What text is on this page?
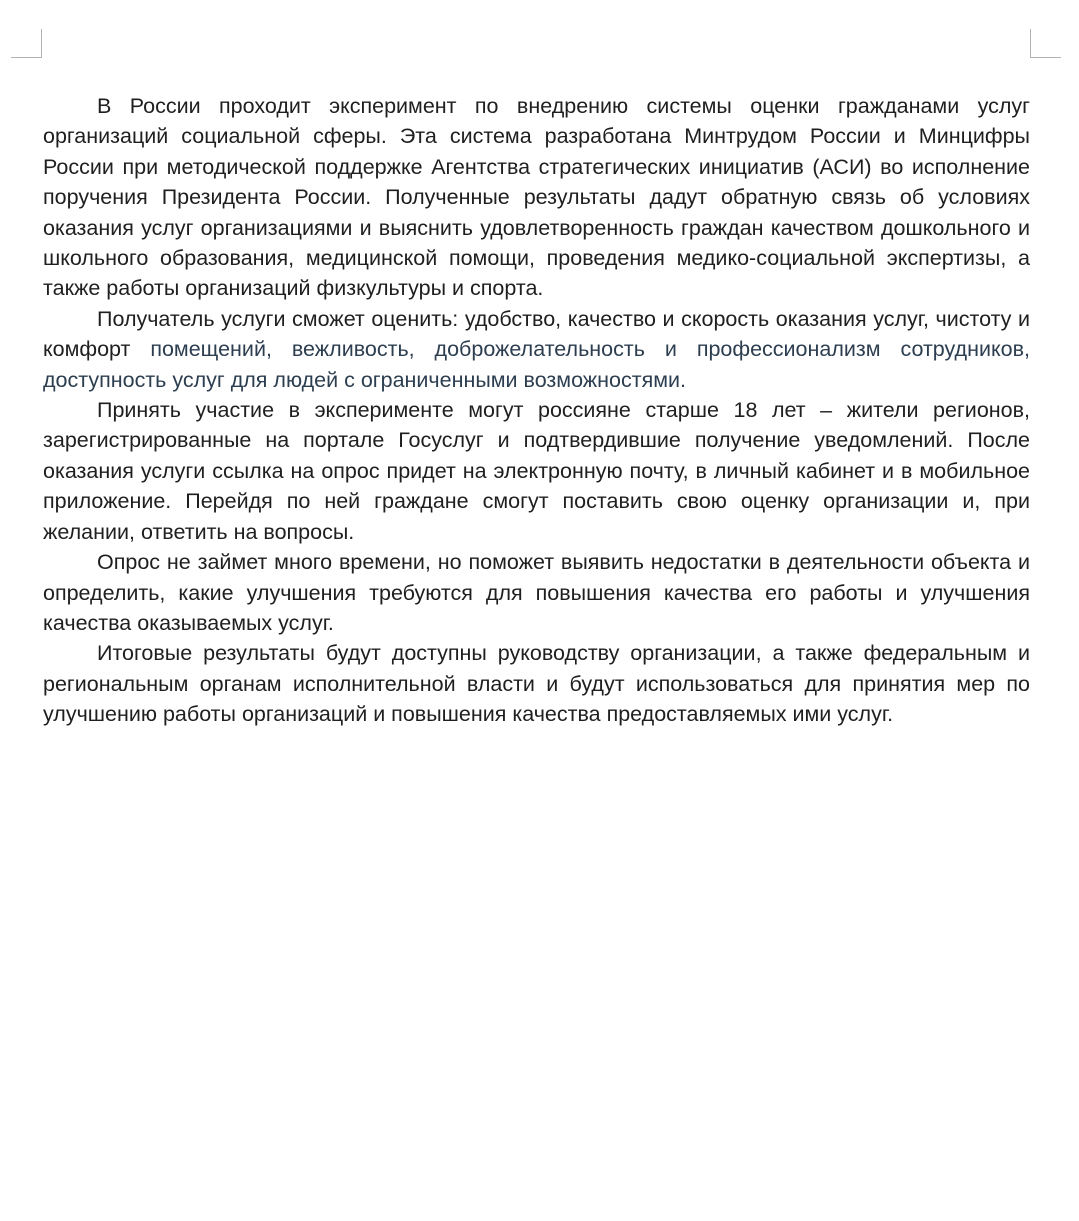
В России проходит эксперимент по внедрению системы оценки гражданами услуг организаций социальной сферы. Эта система разработана Минтрудом России и Минцифры России при методической поддержке Агентства стратегических инициатив (АСИ) во исполнение поручения Президента России. Полученные результаты дадут обратную связь об условиях оказания услуг организациями и выяснить удовлетворенность граждан качеством дошкольного и школьного образования, медицинской помощи, проведения медико-социальной экспертизы, а также работы организаций физкультуры и спорта.

Получатель услуги сможет оценить: удобство, качество и скорость оказания услуг, чистоту и комфорт помещений, вежливость, доброжелательность и профессионализм сотрудников, доступность услуг для людей с ограниченными возможностями.

Принять участие в эксперименте могут россияне старше 18 лет – жители регионов, зарегистрированные на портале Госуслуг и подтвердившие получение уведомлений. После оказания услуги ссылка на опрос придет на электронную почту, в личный кабинет и в мобильное приложение. Перейдя по ней граждане смогут поставить свою оценку организации и, при желании, ответить на вопросы.

Опрос не займет много времени, но поможет выявить недостатки в деятельности объекта и определить, какие улучшения требуются для повышения качества его работы и улучшения качества оказываемых услуг.

Итоговые результаты будут доступны руководству организации, а также федеральным и региональным органам исполнительной власти и будут использоваться для принятия мер по улучшению работы организаций и повышения качества предоставляемых ими услуг.
